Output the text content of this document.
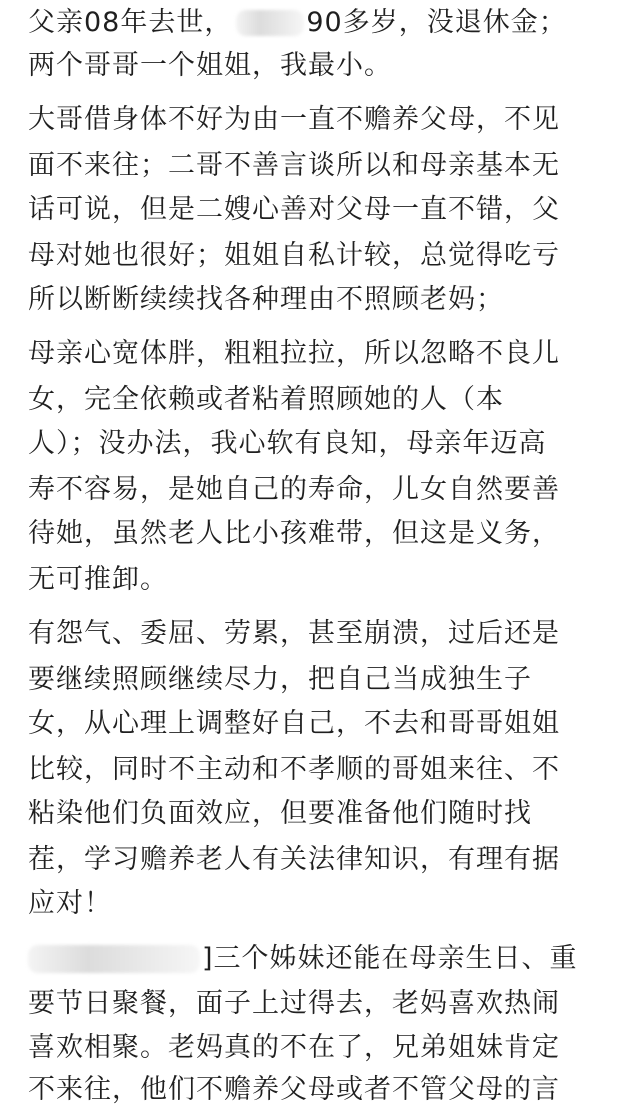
父亲08年去世，	90多岁，没退休金；
两个哥哥一个姐姐，我最小。
大哥借身体不好为由一直不赡养父母，不见
面不来往；二哥不善言谈所以和母亲基本无
话可说，但是二嫂心善对父母一直不错，父
母对她也很好；姐姐自私计较，总觉得吃亏
所以断断续续找各种理由不照顾老妈；
母亲心宽体胖，粗粗拉拉，所以忽略不良儿
女，完全依赖或者粘着照顾她的人（本
人）；没办法，我心软有良知，母亲年迈高
寿不容易，是她自己的寿命，儿女自然要善
待她，虽然老人比小孩难带，但这是义务，
无可推卸。
有怨气、委屈、劳累，甚至崩溃，过后还是
要继续照顾继续尽力，把自己当成独生子
女，从心理上调整好自己，不去和哥哥姐姐
比较，同时不主动和不孝顺的哥姐来往、不
粘染他们负面效应，但要准备他们随时找
茬，学习赡养老人有关法律知识，有理有据
应对！
]三个姊妹还能在母亲生日、重
要节日聚餐，面子上过得去，老妈喜欢热闹
喜欢相聚。老妈真的不在了，兄弟姐妹肯定
不来往，他们不赡养父母或者不管父母的言
